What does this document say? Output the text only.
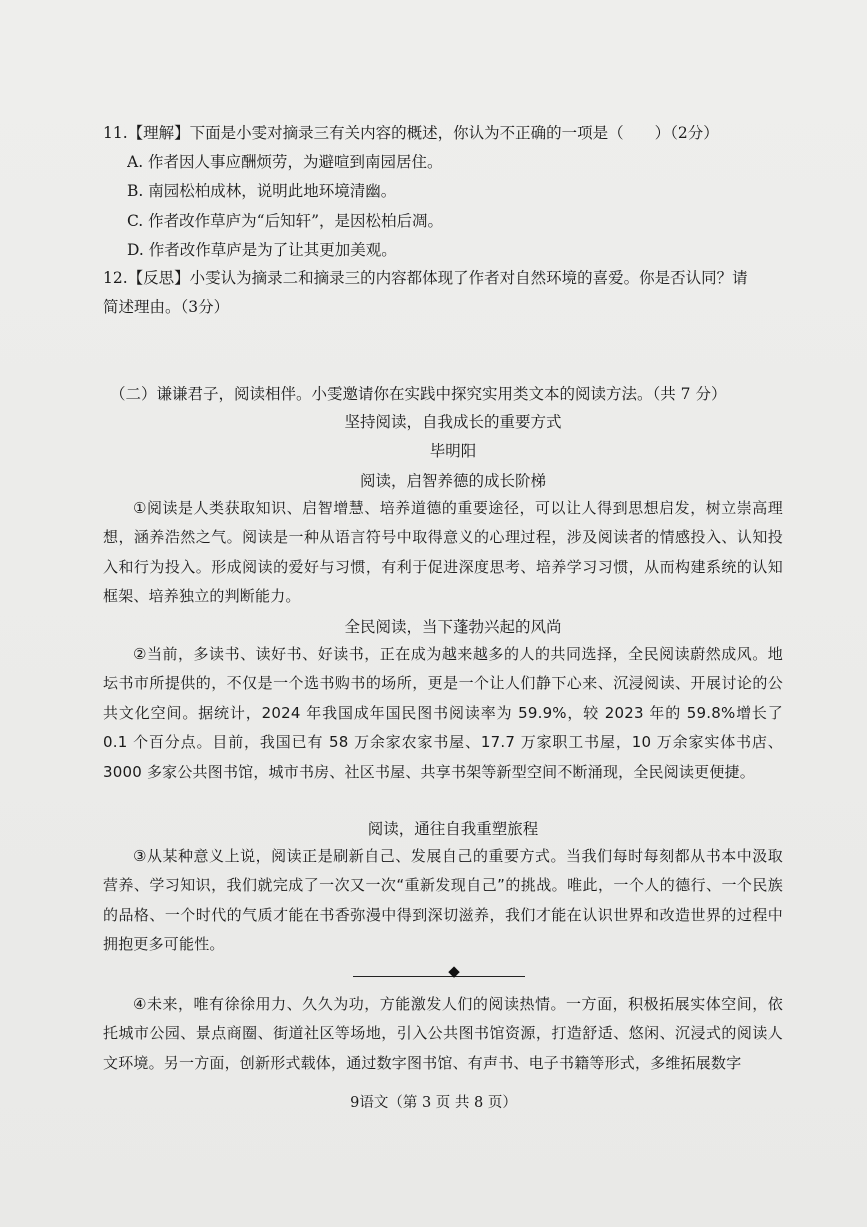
11.【理解】下面是小雯对摘录三有关内容的概述，你认为不正确的一项是（　　）（2分）
A. 作者因人事应酬烦劳，为避喧到南园居住。
B. 南园松柏成林，说明此地环境清幽。
C. 作者改作草庐为“后知轩”，是因松柏后凋。
D. 作者改作草庐是为了让其更加美观。
12.【反思】小雯认为摘录二和摘录三的内容都体现了作者对自然环境的喜爱。你是否认同？请
简述理由。（3分）
（二）谦谦君子，阅读相伴。小雯邀请你在实践中探究实用类文本的阅读方法。（共 7 分）
坚持阅读，自我成长的重要方式
毕明阳
阅读，启智养德的成长阶梯

①阅读是人类获取知识、启智增慧、培养道德的重要途径，可以让人得到思想启发，树立崇高理想，涵养浩然之气。阅读是一种从语言符号中取得意义的心理过程，涉及阅读者的情感投入、认知投入和行为投入。形成阅读的爱好与习惯，有利于促进深度思考、培养学习习惯，从而构建系统的认知框架、培养独立的判断能力。

全民阅读，当下蓬勃兴起的风尚

②当前，多读书、读好书、好读书，正在成为越来越多的人的共同选择，全民阅读蔚然成风。地坛书市所提供的，不仅是一个选书购书的场所，更是一个让人们静下心来、沉浸阅读、开展讨论的公共文化空间。据统计，2024 年我国成年国民图书阅读率为 59.9%，较 2023 年的 59.8%增长了 0.1 个百分点。目前，我国已有 58 万余家农家书屋、17.7 万家职工书屋，10 万余家实体书店、3000 多家公共图书馆，城市书房、社区书屋、共享书架等新型空间不断涌现，全民阅读更便捷。

阅读，通往自我重塑旅程

③从某种意义上说，阅读正是刷新自己、发展自己的重要方式。当我们每时每刻都从书本中汲取营养、学习知识，我们就完成了一次又一次“重新发现自己”的挑战。唯此，一个人的德行、一个民族的品格、一个时代的气质才能在书香弥漫中得到深切滋养，我们才能在认识世界和改造世界的过程中拥抱更多可能性。

◆

④未来，唯有徐徐用力、久久为功，方能激发人们的阅读热情。一方面，积极拓展实体空间，依托城市公园、景点商圈、街道社区等场地，引入公共图书馆资源，打造舒适、悠闲、沉浸式的阅读人文环境。另一方面，创新形式载体，通过数字图书馆、有声书、电子书籍等形式，多维拓展数字

9语文（第 3 页 共 8 页）
